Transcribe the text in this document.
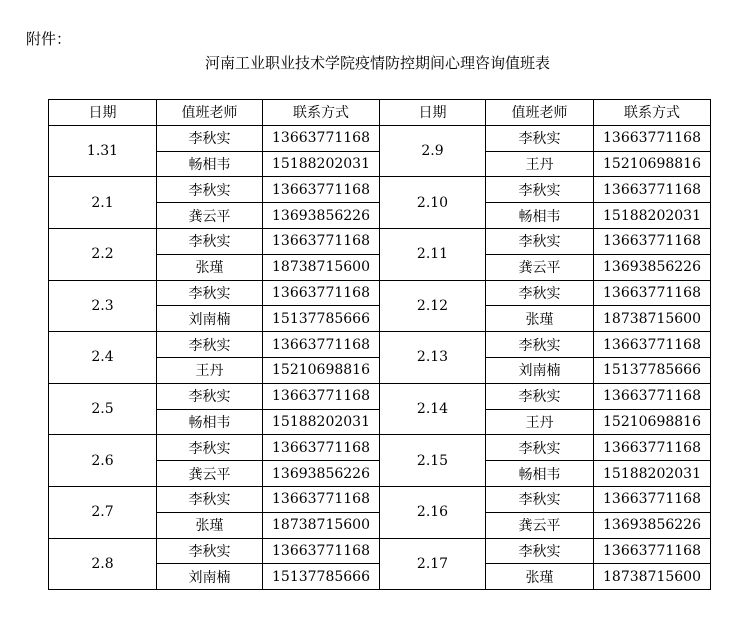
附件：
河南工业职业技术学院疫情防控期间心理咨询值班表
日期	值班老师	联系方式	日期	值班老师	联系方式
1.31	李秋实	13663771168	2.9	李秋实	13663771168
	畅相韦	15188202031		王丹	15210698816
2.1	李秋实	13663771168	2.10	李秋实	13663771168
	龚云平	13693856226		畅相韦	15188202031
2.2	李秋实	13663771168	2.11	李秋实	13663771168
	张瑾	18738715600		龚云平	13693856226
2.3	李秋实	13663771168	2.12	李秋实	13663771168
	刘南楠	15137785666		张瑾	18738715600
2.4	李秋实	13663771168	2.13	李秋实	13663771168
	王丹	15210698816		刘南楠	15137785666
2.5	李秋实	13663771168	2.14	李秋实	13663771168
	畅相韦	15188202031		王丹	15210698816
2.6	李秋实	13663771168	2.15	李秋实	13663771168
	龚云平	13693856226		畅相韦	15188202031
2.7	李秋实	13663771168	2.16	李秋实	13663771168
	张瑾	18738715600		龚云平	13693856226
2.8	李秋实	13663771168	2.17	李秋实	13663771168
	刘南楠	15137785666		张瑾	18738715600
